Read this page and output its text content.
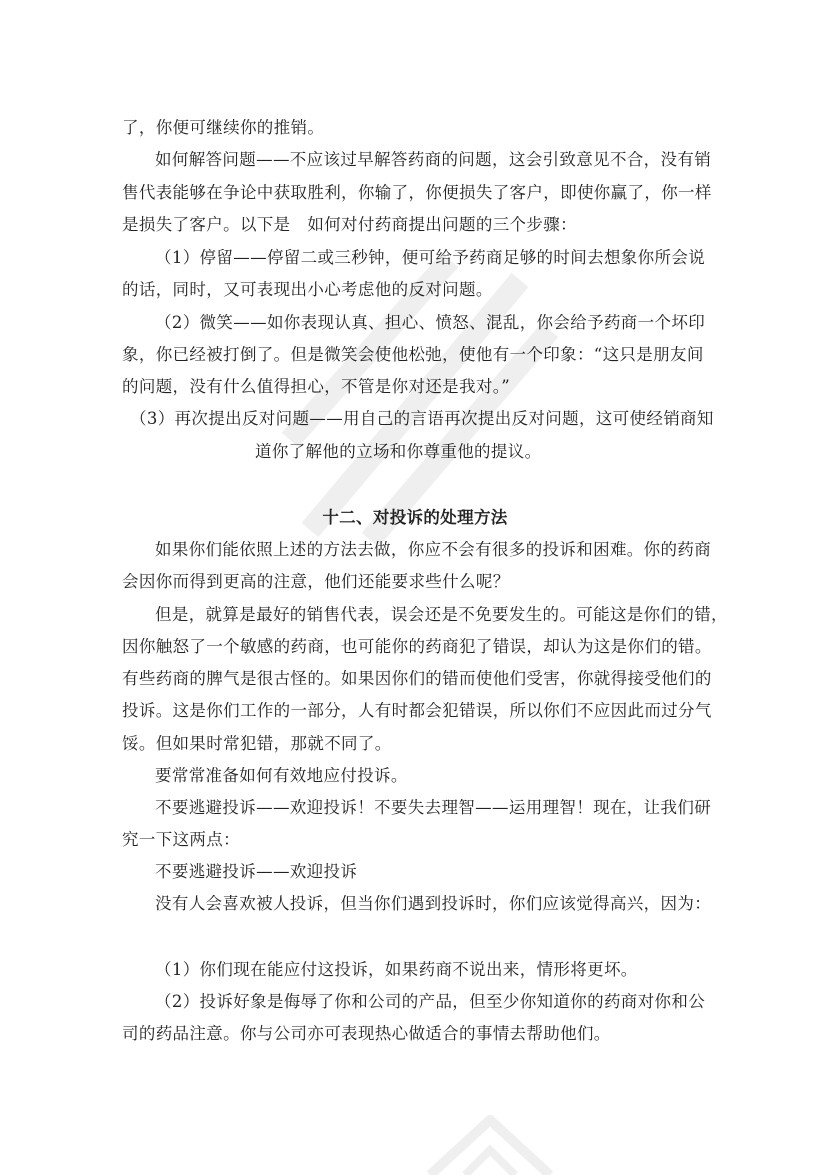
了，你便可继续你的推销。
如何解答问题——不应该过早解答药商的问题，这会引致意见不合，没有销
售代表能够在争论中获取胜利，你输了，你便损失了客户，即使你赢了，你一样
是损失了客户。以下是　如何对付药商提出问题的三个步骤：
（1）停留——停留二或三秒钟，便可给予药商足够的时间去想象你所会说
的话，同时，又可表现出小心考虑他的反对问题。
（2）微笑——如你表现认真、担心、愤怒、混乱，你会给予药商一个坏印
象，你已经被打倒了。但是微笑会使他松弛，使他有一个印象：“这只是朋友间
的问题，没有什么值得担心，不管是你对还是我对。”
（3）再次提出反对问题——用自己的言语再次提出反对问题，这可使经销商知
道你了解他的立场和你尊重他的提议。
十二、对投诉的处理方法
如果你们能依照上述的方法去做，你应不会有很多的投诉和困难。你的药商
会因你而得到更高的注意，他们还能要求些什么呢？
但是，就算是最好的销售代表，误会还是不免要发生的。可能这是你们的错，
因你触怒了一个敏感的药商，也可能你的药商犯了错误，却认为这是你们的错。
有些药商的脾气是很古怪的。如果因你们的错而使他们受害，你就得接受他们的
投诉。这是你们工作的一部分，人有时都会犯错误，所以你们不应因此而过分气
馁。但如果时常犯错，那就不同了。
要常常准备如何有效地应付投诉。
不要逃避投诉——欢迎投诉！不要失去理智——运用理智！现在，让我们研
究一下这两点：
不要逃避投诉——欢迎投诉
没有人会喜欢被人投诉，但当你们遇到投诉时，你们应该觉得高兴，因为：
（1）你们现在能应付这投诉，如果药商不说出来，情形将更坏。
（2）投诉好象是侮辱了你和公司的产品，但至少你知道你的药商对你和公
司的药品注意。你与公司亦可表现热心做适合的事情去帮助他们。
